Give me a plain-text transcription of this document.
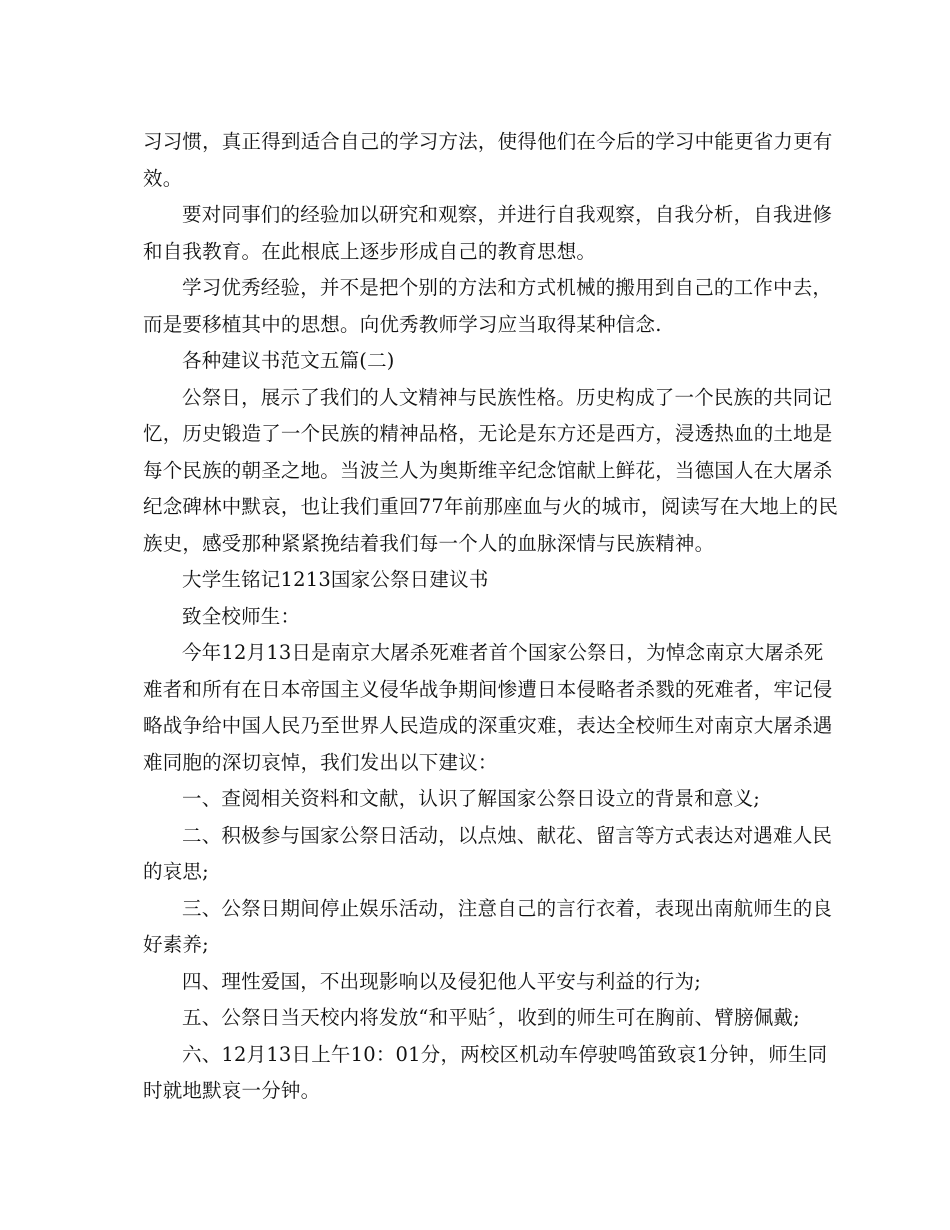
习习惯，真正得到适合自己的学习方法，使得他们在今后的学习中能更省力更有
效。

要对同事们的经验加以研究和观察，并进行自我观察，自我分析，自我进修
和自我教育。在此根底上逐步形成自己的教育思想。

学习优秀经验，并不是把个别的方法和方式机械的搬用到自己的工作中去，
而是要移植其中的思想。向优秀教师学习应当取得某种信念.

各种建议书范文五篇(二)

公祭日，展示了我们的人文精神与民族性格。历史构成了一个民族的共同记
忆，历史锻造了一个民族的精神品格，无论是东方还是西方，浸透热血的土地是
每个民族的朝圣之地。当波兰人为奥斯维辛纪念馆献上鲜花，当德国人在大屠杀
纪念碑林中默哀，也让我们重回77年前那座血与火的城市，阅读写在大地上的民
族史，感受那种紧紧挽结着我们每一个人的血脉深情与民族精神。

大学生铭记1213国家公祭日建议书

致全校师生：

今年12月13日是南京大屠杀死难者首个国家公祭日，为悼念南京大屠杀死
难者和所有在日本帝国主义侵华战争期间惨遭日本侵略者杀戮的死难者，牢记侵
略战争给中国人民乃至世界人民造成的深重灾难，表达全校师生对南京大屠杀遇
难同胞的深切哀悼，我们发出以下建议：

一、查阅相关资料和文献，认识了解国家公祭日设立的背景和意义;

二、积极参与国家公祭日活动，以点烛、献花、留言等方式表达对遇难人民
的哀思;

三、公祭日期间停止娱乐活动，注意自己的言行衣着，表现出南航师生的良
好素养;

四、理性爱国，不出现影响以及侵犯他人平安与利益的行为;

五、公祭日当天校内将发放“和平贴〞，收到的师生可在胸前、臂膀佩戴;

六、12月13日上午10：01分，两校区机动车停驶鸣笛致哀1分钟，师生同
时就地默哀一分钟。
